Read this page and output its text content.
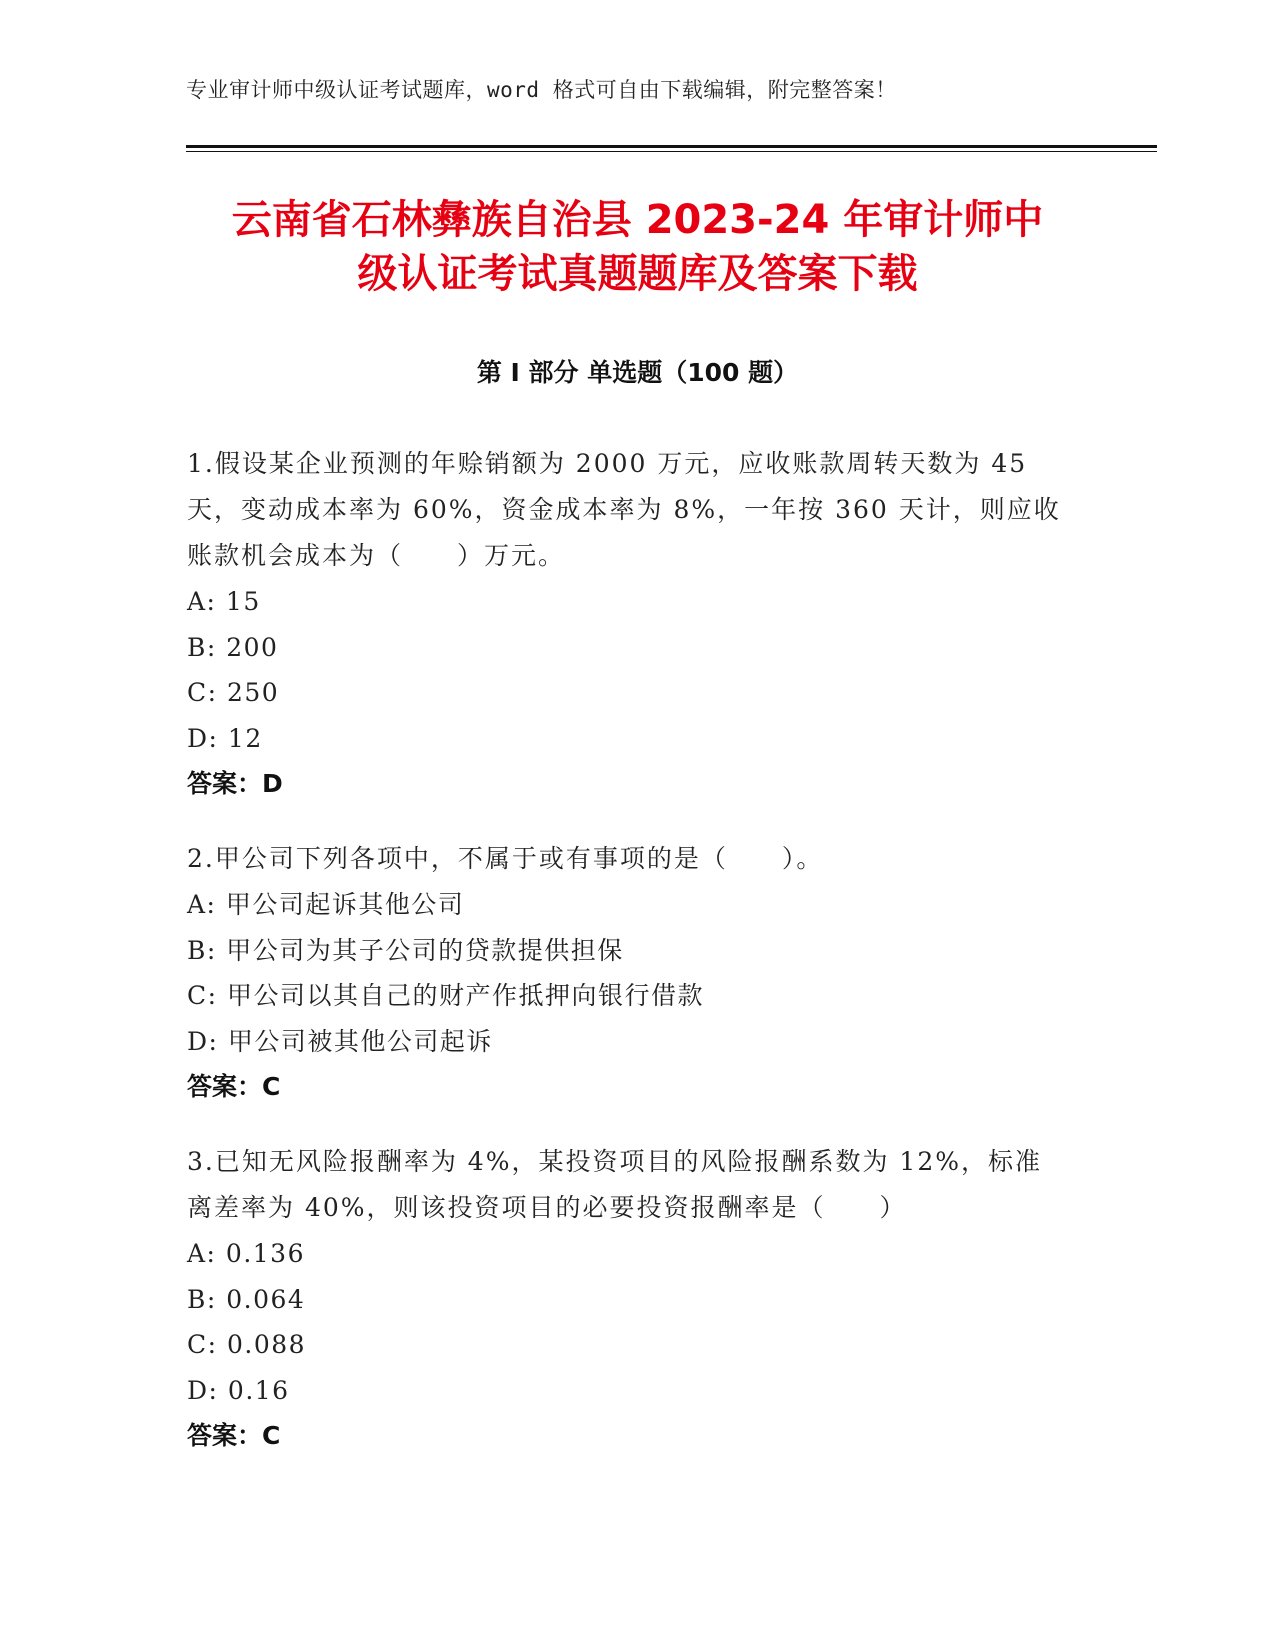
专业审计师中级认证考试题库，word 格式可自由下载编辑，附完整答案！
云南省石林彝族自治县 2023-24 年审计师中
级认证考试真题题库及答案下载
第 I 部分 单选题（100 题）
1.假设某企业预测的年赊销额为 2000 万元，应收账款周转天数为 45
天，变动成本率为 60%，资金成本率为 8%，一年按 360 天计，则应收
账款机会成本为（　　）万元。
A: 15
B: 200
C: 250
D: 12
答案：D
2.甲公司下列各项中，不属于或有事项的是（　　）。
A: 甲公司起诉其他公司
B: 甲公司为其子公司的贷款提供担保
C: 甲公司以其自己的财产作抵押向银行借款
D: 甲公司被其他公司起诉
答案：C
3.已知无风险报酬率为 4%，某投资项目的风险报酬系数为 12%，标准
离差率为 40%，则该投资项目的必要投资报酬率是（　　）
A: 0.136
B: 0.064
C: 0.088
D: 0.16
答案：C
